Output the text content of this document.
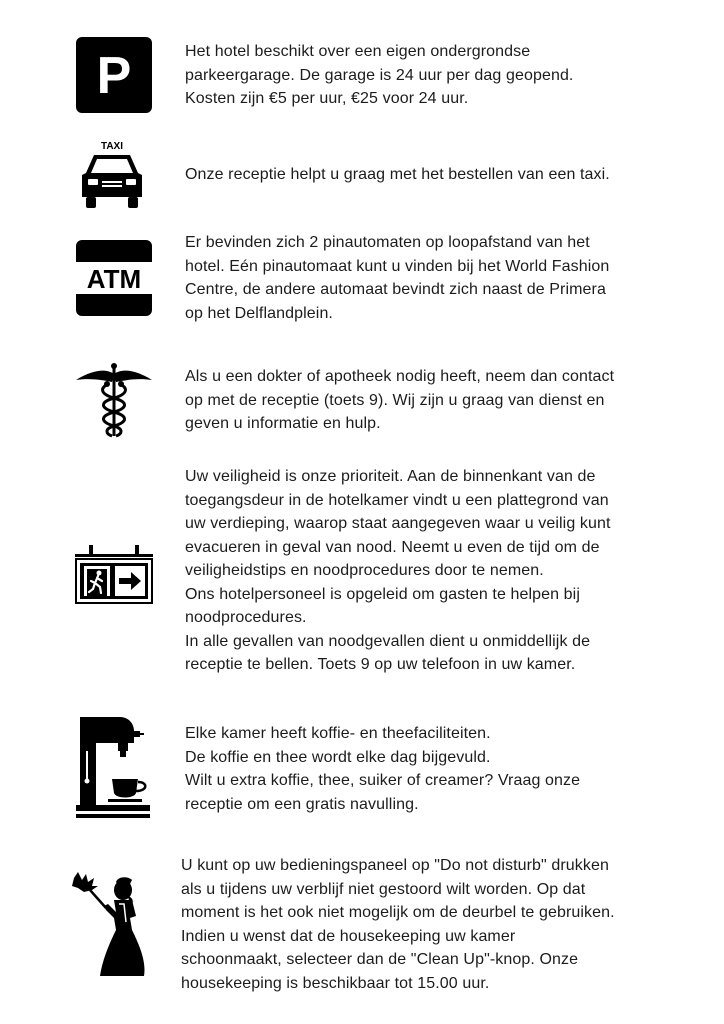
P	Het hotel beschikt over een eigen ondergrondse

parkeergarage. De garage is 24 uur per dag geopend.

Kosten zijn €5 per uur, €25 voor 24 uur.

TAXI

Onze receptie helpt u graag met het bestellen van een taxi.

ATM

Er bevinden zich 2 pinautomaten op loopafstand van het

hotel. Eén pinautomaat kunt u vinden bij het World Fashion

Centre, de andere automaat bevindt zich naast de Primera

op het Delflandplein.

Als u een dokter of apotheek nodig heeft, neem dan contact

op met de receptie (toets 9). Wij zijn u graag van dienst en

geven u informatie en hulp.

Uw veiligheid is onze prioriteit. Aan de binnenkant van de

toegangsdeur in de hotelkamer vindt u een plattegrond van

uw verdieping, waarop staat aangegeven waar u veilig kunt

evacueren in geval van nood. Neemt u even de tijd om de

veiligheidstips en noodprocedures door te nemen.

Ons hotelpersoneel is opgeleid om gasten te helpen bij

noodprocedures.

In alle gevallen van noodgevallen dient u onmiddellijk de

receptie te bellen. Toets 9 op uw telefoon in uw kamer.

Elke kamer heeft koffie- en theefaciliteiten.

De koffie en thee wordt elke dag bijgevuld.

Wilt u extra koffie, thee, suiker of creamer? Vraag onze

receptie om een gratis navulling.

U kunt op uw bedieningspaneel op "Do not disturb" drukken

als u tijdens uw verblijf niet gestoord wilt worden. Op dat

moment is het ook niet mogelijk om de deurbel te gebruiken.

Indien u wenst dat de housekeeping uw kamer

schoonmaakt, selecteer dan de "Clean Up"-knop. Onze

housekeeping is beschikbaar tot 15.00 uur.
